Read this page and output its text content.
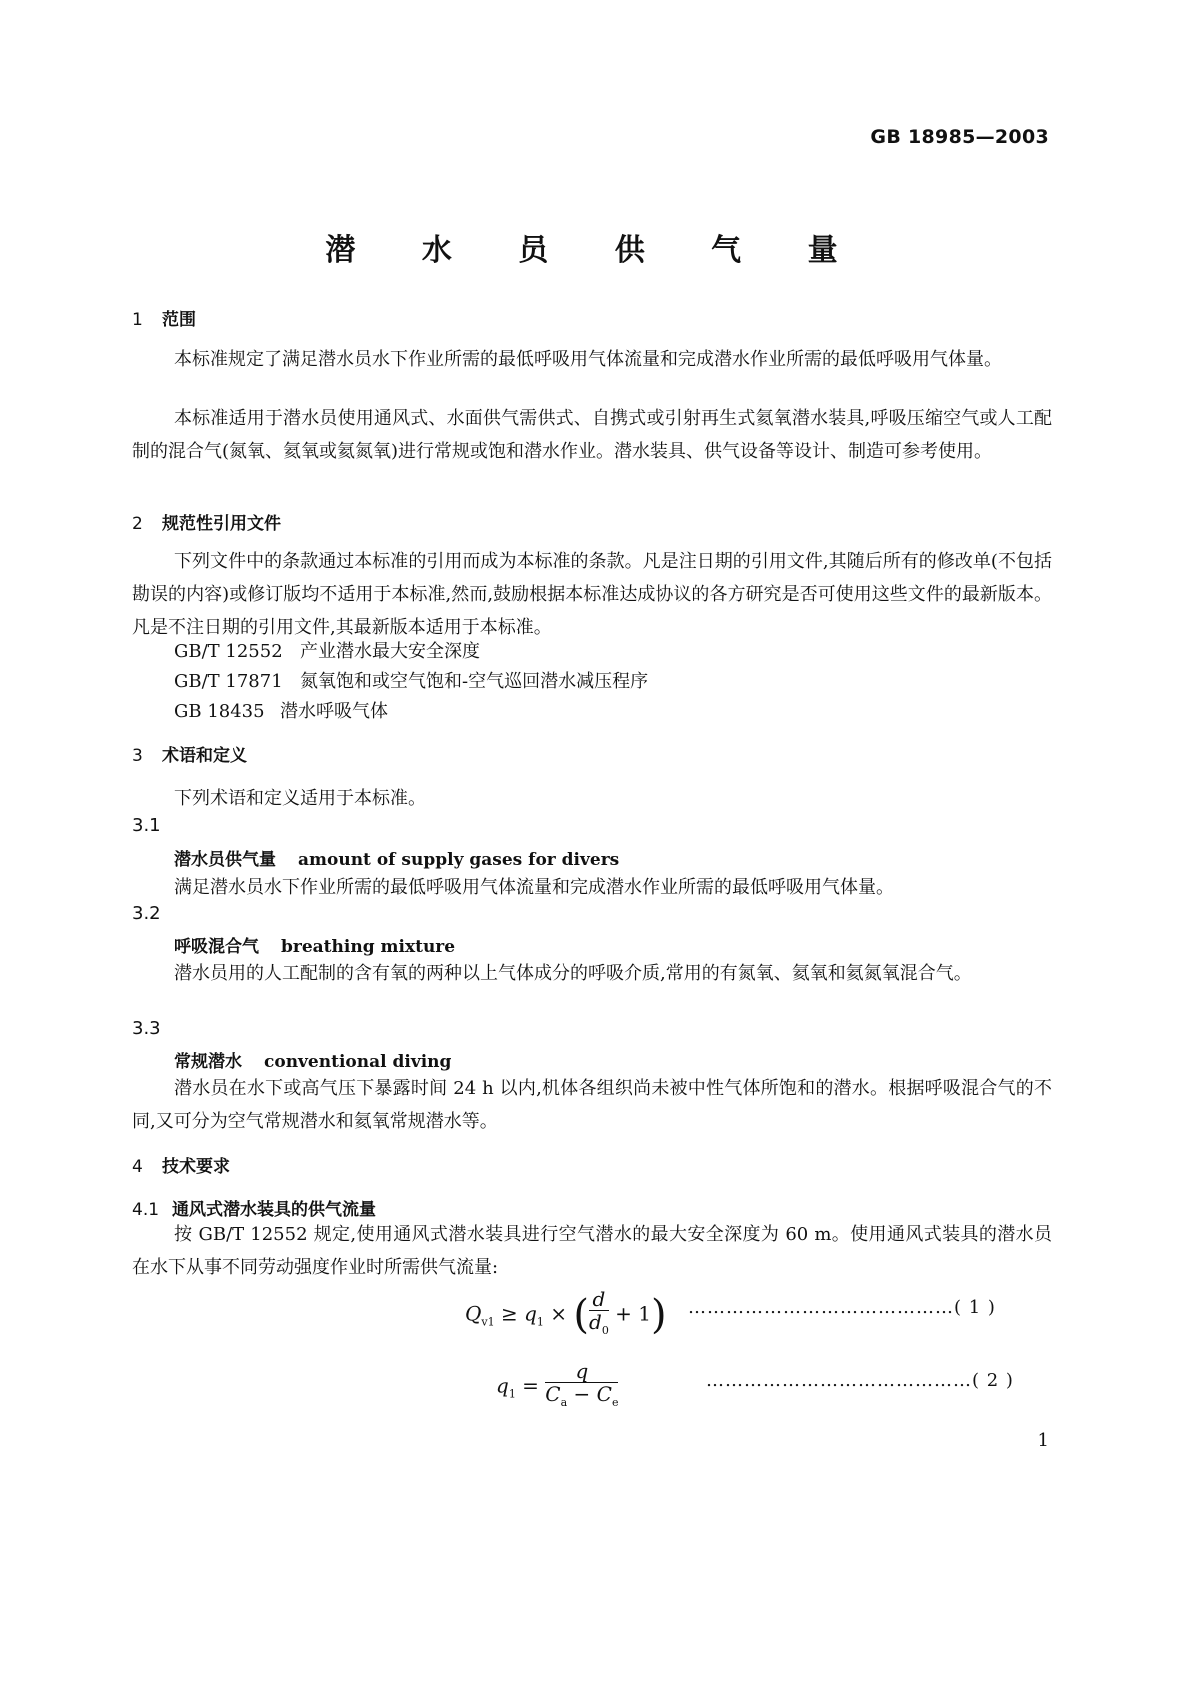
GB 18985—2003
潜 水 员 供 气 量
1 范围
本标准规定了满足潜水员水下作业所需的最低呼吸用气体流量和完成潜水作业所需的最低呼吸用气体量。
本标准适用于潜水员使用通风式、水面供气需供式、自携式或引射再生式氦氧潜水装具,呼吸压缩空气或人工配制的混合气(氮氧、氦氧或氦氮氧)进行常规或饱和潜水作业。潜水装具、供气设备等设计、制造可参考使用。
2 规范性引用文件
下列文件中的条款通过本标准的引用而成为本标准的条款。凡是注日期的引用文件,其随后所有的修改单(不包括勘误的内容)或修订版均不适用于本标准,然而,鼓励根据本标准达成协议的各方研究是否可使用这些文件的最新版本。凡是不注日期的引用文件,其最新版本适用于本标准。
GB/T 12552 产业潜水最大安全深度
GB/T 17871 氮氧饱和或空气饱和-空气巡回潜水减压程序
GB 18435 潜水呼吸气体
3 术语和定义
下列术语和定义适用于本标准。
3.1
潜水员供气量 amount of supply gases for divers
满足潜水员水下作业所需的最低呼吸用气体流量和完成潜水作业所需的最低呼吸用气体量。
3.2
呼吸混合气 breathing mixture
潜水员用的人工配制的含有氧的两种以上气体成分的呼吸介质,常用的有氮氧、氦氧和氦氮氧混合气。
3.3
常规潜水 conventional diving
潜水员在水下或高气压下暴露时间 24 h 以内,机体各组织尚未被中性气体所饱和的潜水。根据呼吸混合气的不同,又可分为空气常规潜水和氦氧常规潜水等。
4 技术要求
4.1 通风式潜水装具的供气流量
按 GB/T 12552 规定,使用通风式潜水装具进行空气潜水的最大安全深度为 60 m。使用通风式装具的潜水员在水下从事不同劳动强度作业时所需供气流量:
$Q_{v1} \ge q_1$ × ( $\frac{d}{d_0} + 1$) ……………………………………( 1 )
$q_1 = \frac{q}{C_a - C_e}$	……………………………………( 2 )
1
